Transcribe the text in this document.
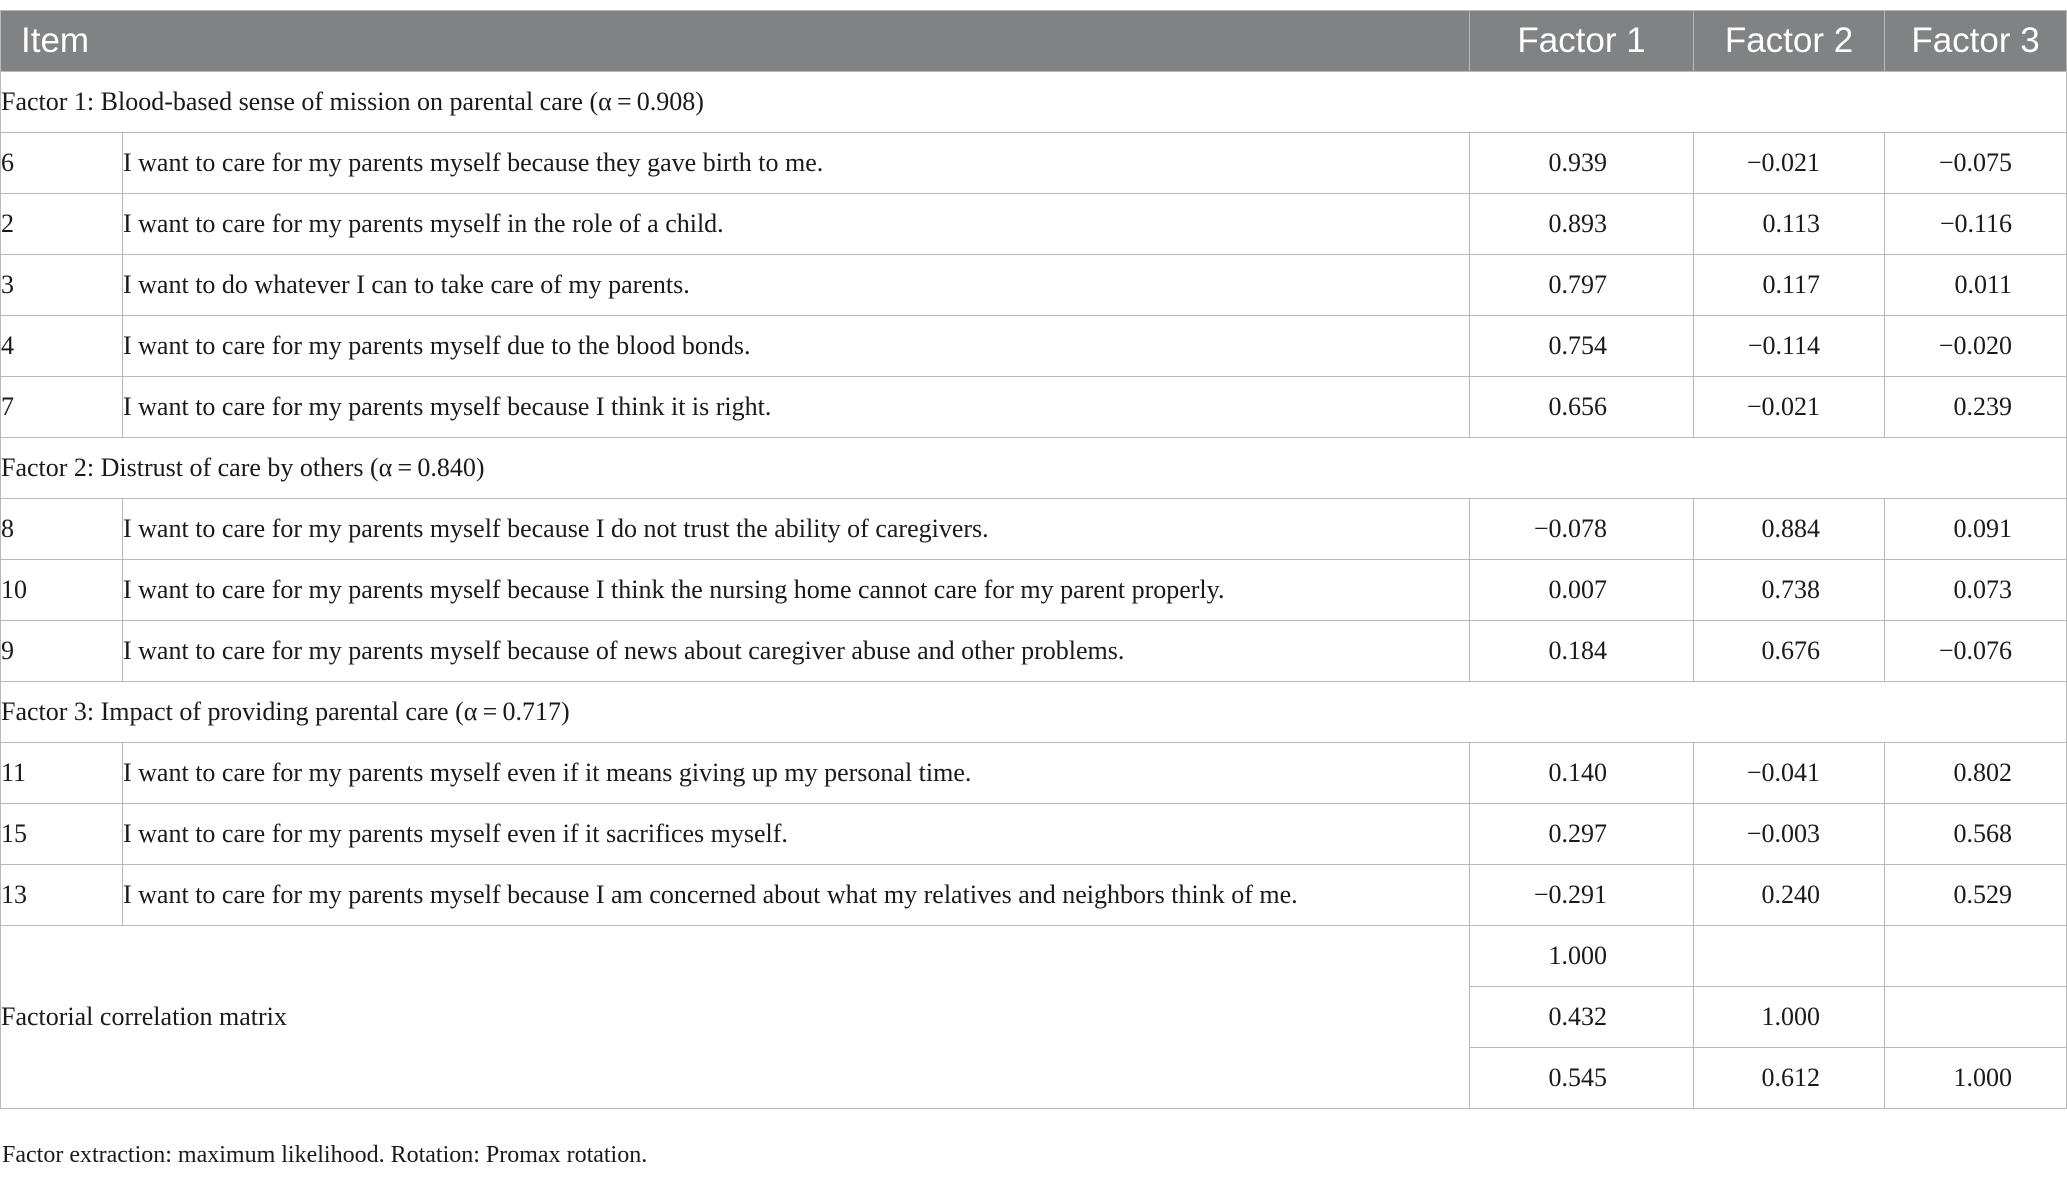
Item		Factor 1	Factor 2	Factor 3
Factor 1: Blood-based sense of mission on parental care (α = 0.908)				
6	I want to care for my parents myself because they gave birth to me.	0.939	−0.021	−0.075
2	I want to care for my parents myself in the role of a child.	0.893	0.113	−0.116
3	I want to do whatever I can to take care of my parents.	0.797	0.117	0.011
4	I want to care for my parents myself due to the blood bonds.	0.754	−0.114	−0.020
7	I want to care for my parents myself because I think it is right.	0.656	−0.021	0.239
Factor 2: Distrust of care by others (α = 0.840)				
8	I want to care for my parents myself because I do not trust the ability of caregivers.	−0.078	0.884	0.091
10	I want to care for my parents myself because I think the nursing home cannot care for my parent properly.	0.007	0.738	0.073
9	I want to care for my parents myself because of news about caregiver abuse and other problems.	0.184	0.676	−0.076
Factor 3: Impact of providing parental care (α = 0.717)				
11	I want to care for my parents myself even if it means giving up my personal time.	0.140	−0.041	0.802
15	I want to care for my parents myself even if it sacrifices myself.	0.297	−0.003	0.568
13	I want to care for my parents myself because I am concerned about what my relatives and neighbors think of me.	−0.291	0.240	0.529
Factorial correlation matrix		1.000		
		0.432	1.000	
		0.545	0.612	1.000
Factor extraction: maximum likelihood. Rotation: Promax rotation.
